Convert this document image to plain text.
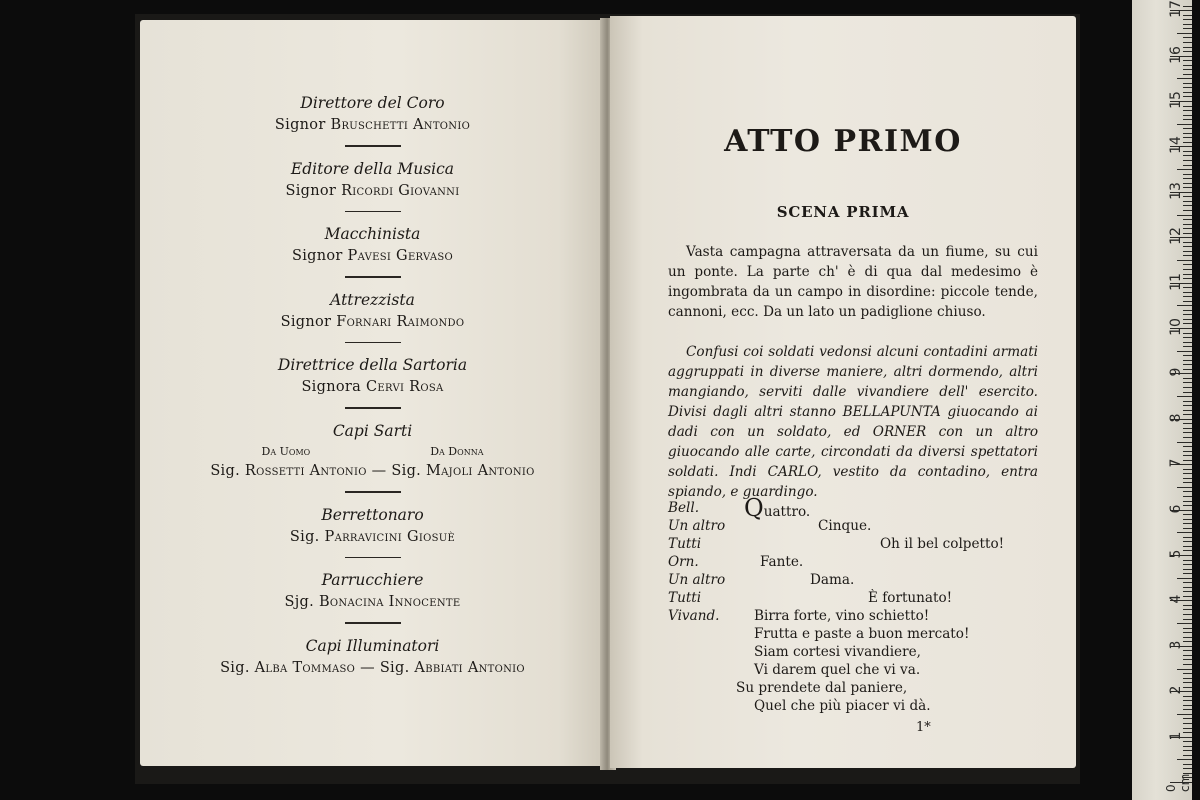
Direttore del Coro

Signor Bruschetti Antonio

Editore della Musica

Signor Ricordi Giovanni

Macchinista

Signor Pavesi Gervaso

Attrezzista

Signor Fornari Raimondo

Direttrice della Sartoria

Signora Cervi Rosa

Capi Sarti

Da Uomo	Da Donna

Sig. Rossetti Antonio — Sig. Majoli Antonio

Berrettonaro

Sig. Parravicini Giosuè

Parrucchiere

Sjg. Bonacina Innocente

Capi Illuminatori

Sig. Alba Tommaso — Sig. Abbiati Antonio

ATTO PRIMO
SCENA PRIMA

Vasta campagna attraversata da un fiume, su cui un ponte. La parte ch' è di qua dal medesimo è ingombrata da un campo in disordine: piccole tende, cannoni, ecc. Da un lato un padiglione chiuso.

Confusi coi soldati vedonsi alcuni contadini armati aggruppati in diverse maniere, altri dormendo, altri mangiando, serviti dalle vivandiere dell' esercito. Divisi dagli altri stanno BELLAPUNTA giuocando ai dadi con un soldato, ed ORNER con un altro giuocando alle carte, circondati da diversi spettatori soldati. Indi CARLO, vestito da contadino, entra spiando, e guardingo.

Bell. Quattro.
Un altro	Cinque.
Tutti	Oh il bel colpetto!
Orn.	Fante.
Un altro	Dama.
Tutti	È fortunato!
Vivand.	Birra forte, vino schietto!
Frutta e paste a buon mercato!
Siam cortesi vivandiere,
Vi darem quel che vi va.
Su prendete dal paniere,
Quel che più piacer vi dà.
1*
0 cm
1
2
3
4
5
6
7
8
9
10
11
12
13
14
15
16
17
